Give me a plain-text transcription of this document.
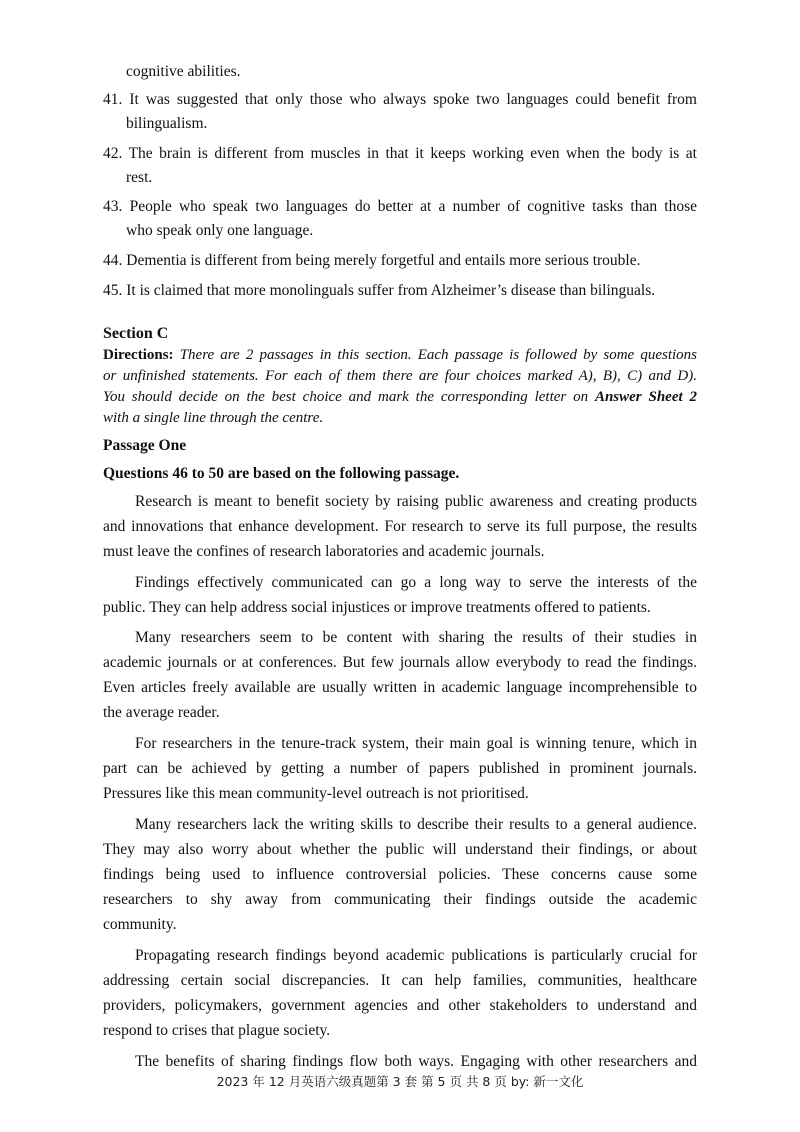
cognitive abilities.
41. It was suggested that only those who always spoke two languages could benefit from
bilingualism.
42. The brain is different from muscles in that it keeps working even when the body is at
rest.
43. People who speak two languages do better at a number of cognitive tasks than those
who speak only one language.
44. Dementia is different from being merely forgetful and entails more serious trouble.
45. It is claimed that more monolinguals suffer from Alzheimer’s disease than bilinguals.
Section C
Directions: There are 2 passages in this section. Each passage is followed by some questions
or unfinished statements. For each of them there are four choices marked A), B), C) and D).
You should decide on the best choice and mark the corresponding letter on Answer Sheet 2
with a single line through the centre.
Passage One
Questions 46 to 50 are based on the following passage.
Research is meant to benefit society by raising public awareness and creating products
and innovations that enhance development. For research to serve its full purpose, the results
must leave the confines of research laboratories and academic journals.
Findings effectively communicated can go a long way to serve the interests of the
public. They can help address social injustices or improve treatments offered to patients.
Many researchers seem to be content with sharing the results of their studies in
academic journals or at conferences. But few journals allow everybody to read the findings.
Even articles freely available are usually written in academic language incomprehensible to
the average reader.
For researchers in the tenure-track system, their main goal is winning tenure, which in
part can be achieved by getting a number of papers published in prominent journals.
Pressures like this mean community-level outreach is not prioritised.
Many researchers lack the writing skills to describe their results to a general audience.
They may also worry about whether the public will understand their findings, or about
findings being used to influence controversial policies. These concerns cause some
researchers to shy away from communicating their findings outside the academic
community.
Propagating research findings beyond academic publications is particularly crucial for
addressing certain social discrepancies. It can help families, communities, healthcare
providers, policymakers, government agencies and other stakeholders to understand and
respond to crises that plague society.
The benefits of sharing findings flow both ways. Engaging with other researchers and
2023 年 12 月英语六级真题第 3 套 第 5 页 共 8 页 by: 新一文化
